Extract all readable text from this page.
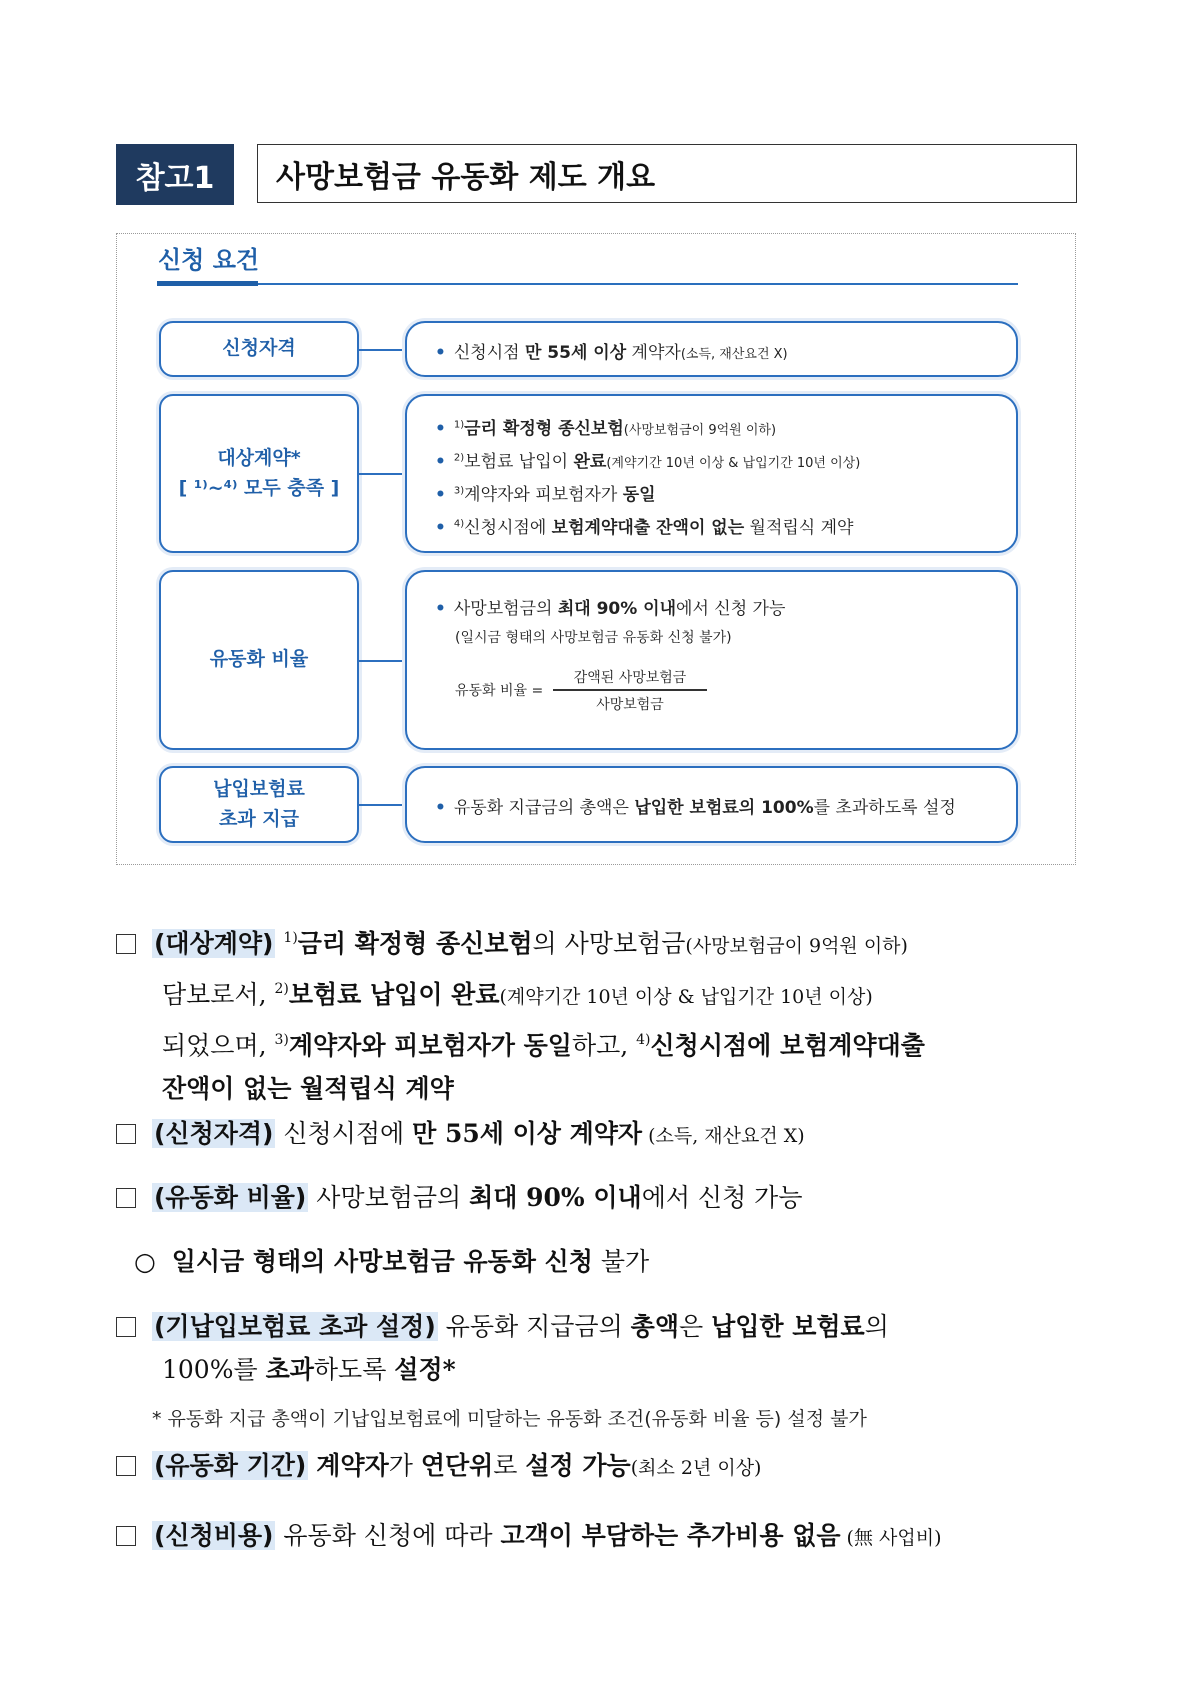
참고1	사망보험금 유동화 제도 개요
신청 요건
신청자격	• 신청시점 만 55세 이상 계약자(소득, 재산요건 X)
대상계약*
[ ¹⁾~⁴⁾ 모두 충족 ]
• $^{1)}$금리 확정형 종신보험(사망보험금이 9억원 이하)
• $^{2)}$보험료 납입이 완료(계약기간 10년 이상 & 납입기간 10년 이상)
• $^{3)}$계약자와 피보험자가 동일
• $^{4)}$신청시점에 보험계약대출 잔액이 없는 월적립식 계약
유동화 비율
• 사망보험금의 최대 90% 이내에서 신청 가능
(일시금 형태의 사망보험금 유동화 신청 불가)
유동화 비율 =
감액된 사망보험금
사망보험금
납입보험료
초과 지급	• 유동화 지급금의 총액은 납입한 보험료의 100%를 초과하도록 설정
(대상계약) $^{1)}$금리 확정형 종신보험의 사망보험금(사망보험금이 9억원 이하)
담보로서, $^{2)}$보험료 납입이 완료(계약기간 10년 이상 & 납입기간 10년 이상)
되었으며, $^{3)}$계약자와 피보험자가 동일하고, $^{4)}$신청시점에 보험계약대출
잔액이 없는 월적립식 계약
(신청자격) 신청시점에 만 55세 이상 계약자 (소득, 재산요건 X)
(유동화 비율) 사망보험금의 최대 90% 이내에서 신청 가능
○ 일시금 형태의 사망보험금 유동화 신청 불가
(기납입보험료 초과 설정) 유동화 지급금의 총액은 납입한 보험료의
100%를 초과하도록 설정*
* 유동화 지급 총액이 기납입보험료에 미달하는 유동화 조건(유동화 비율 등) 설정 불가
(유동화 기간) 계약자가 연단위로 설정 가능(최소 2년 이상)
(신청비용) 유동화 신청에 따라 고객이 부담하는 추가비용 없음 (無 사업비)
